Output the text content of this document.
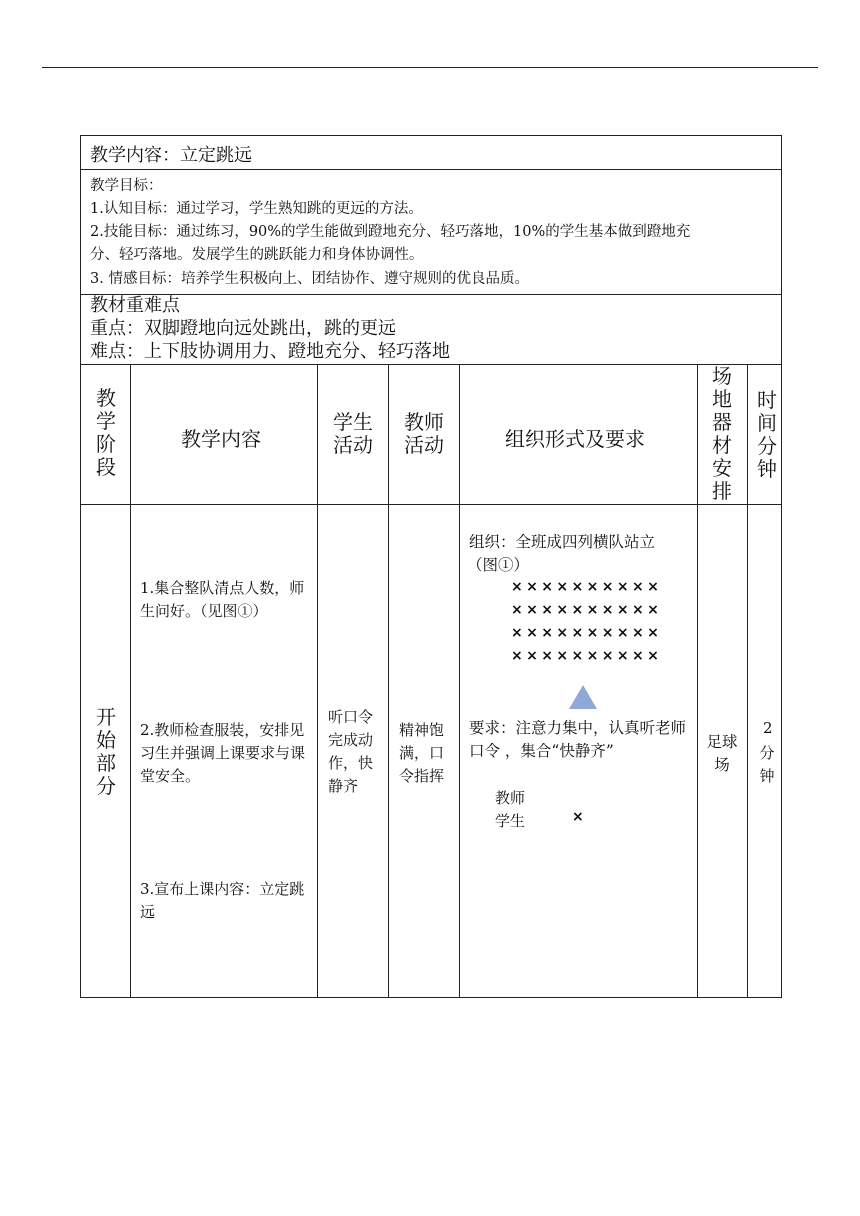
教学内容：立定跳远
教学目标：
1.认知目标：通过学习，学生熟知跳的更远的方法。
2.技能目标：通过练习，90%的学生能做到蹬地充分、轻巧落地，10%的学生基本做到蹬地充
分、轻巧落地。发展学生的跳跃能力和身体协调性。
3. 情感目标：培养学生积极向上、团结协作、遵守规则的优良品质。
教材重难点
重点：双脚蹬地向远处跳出，跳的更远
难点：上下肢协调用力、蹬地充分、轻巧落地
教学阶段
教学内容
学生活动
教师活动	组织形式及要求
场地器材安排
时间分钟
开始部分
1.集合整队清点人数，师生问好。（见图①）
2.教师检查服装，安排见习生并强调上课要求与课堂安全。
3.宣布上课内容：立定跳远
听口令完成动作，快静齐
精神饱满，口令指挥
组织：全班成四列横队站立
（图①）
××××××××××
××××××××××
××××××××××
××××××××××
要求：注意力集中，认真听老师口令 ，集合“快静齐”
教师
学生	×
足球场
2
分钟
